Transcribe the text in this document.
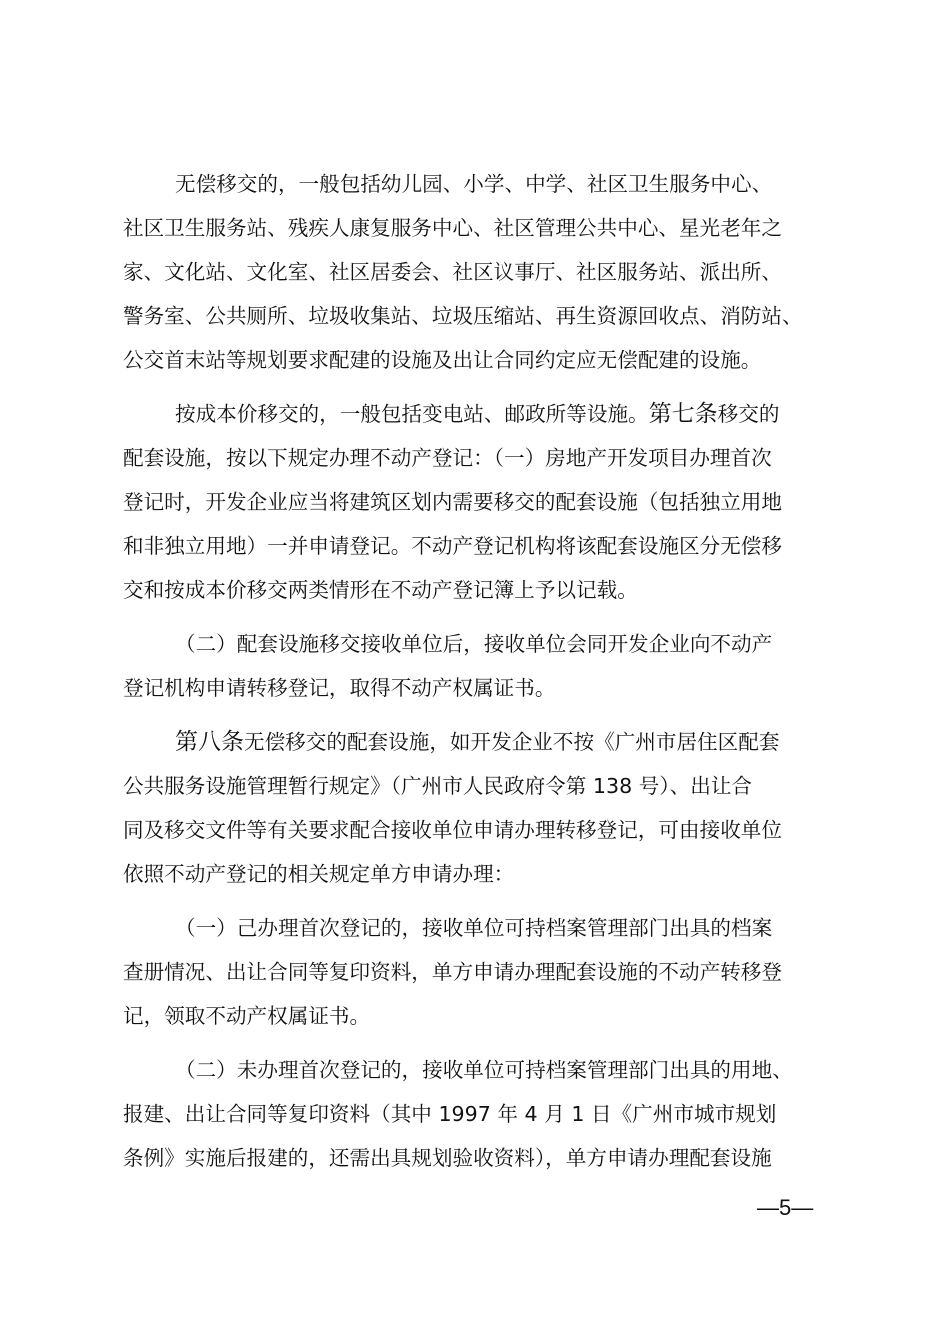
无偿移交的，一般包括幼儿园、小学、中学、社区卫生服务中心、
社区卫生服务站、残疾人康复服务中心、社区管理公共中心、星光老年之
家、文化站、文化室、社区居委会、社区议事厅、社区服务站、派出所、
警务室、公共厕所、垃圾收集站、垃圾压缩站、再生资源回收点、消防站、
公交首末站等规划要求配建的设施及出让合同约定应无偿配建的设施。
按成本价移交的，一般包括变电站、邮政所等设施。第七条移交的
配套设施，按以下规定办理不动产登记：（一）房地产开发项目办理首次
登记时，开发企业应当将建筑区划内需要移交的配套设施（包括独立用地
和非独立用地）一并申请登记。不动产登记机构将该配套设施区分无偿移
交和按成本价移交两类情形在不动产登记簿上予以记载。
（二）配套设施移交接收单位后，接收单位会同开发企业向不动产
登记机构申请转移登记，取得不动产权属证书。
第八条无偿移交的配套设施，如开发企业不按《广州市居住区配套
公共服务设施管理暂行规定》（广州市人民政府令第 138 号）、出让合
同及移交文件等有关要求配合接收单位申请办理转移登记，可由接收单位
依照不动产登记的相关规定单方申请办理：
（一）己办理首次登记的，接收单位可持档案管理部门出具的档案
查册情况、出让合同等复印资料，单方申请办理配套设施的不动产转移登
记，领取不动产权属证书。
（二）未办理首次登记的，接收单位可持档案管理部门出具的用地、
报建、出让合同等复印资料（其中 1997 年 4 月 1 日《广州市城市规划
条例》实施后报建的，还需出具规划验收资料），单方申请办理配套设施
—5—
